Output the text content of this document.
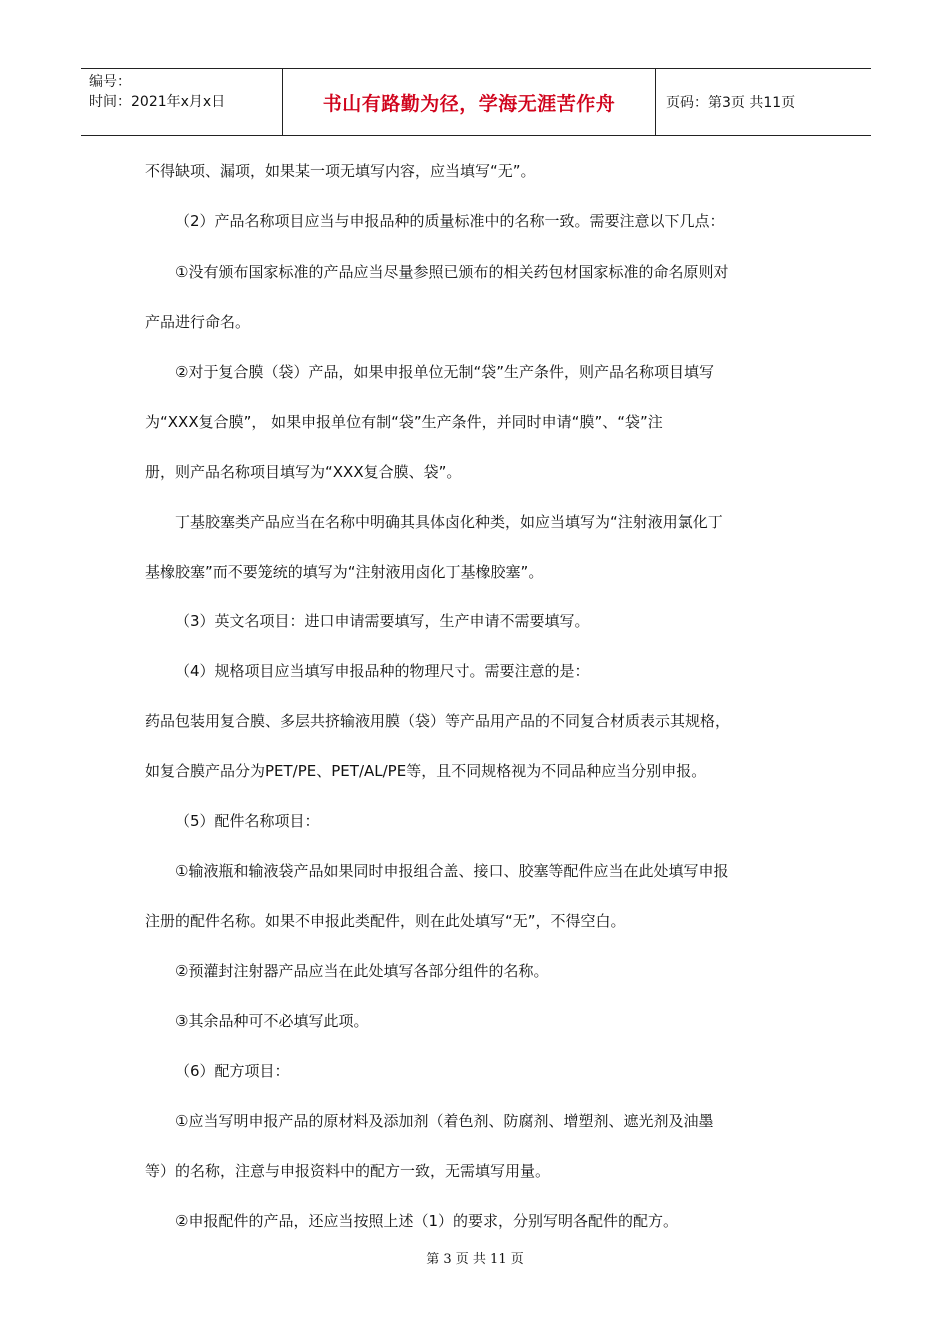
编号：
时间：2021年x月x日	书山有路勤为径，学海无涯苦作舟	页码：第3页 共11页
不得缺项、漏项，如果某一项无填写内容，应当填写“无”。
（2）产品名称项目应当与申报品种的质量标准中的名称一致。需要注意以下几点：
①没有颁布国家标准的产品应当尽量参照已颁布的相关药包材国家标准的命名原则对
产品进行命名。
②对于复合膜（袋）产品，如果申报单位无制“袋”生产条件，则产品名称项目填写
为“XXX复合膜”， 如果申报单位有制“袋”生产条件，并同时申请“膜”、“袋”注
册，则产品名称项目填写为“XXX复合膜、袋”。
丁基胶塞类产品应当在名称中明确其具体卤化种类，如应当填写为“注射液用氯化丁
基橡胶塞”而不要笼统的填写为“注射液用卤化丁基橡胶塞”。
（3）英文名项目：进口申请需要填写，生产申请不需要填写。
（4）规格项目应当填写申报品种的物理尺寸。需要注意的是：
药品包装用复合膜、多层共挤输液用膜（袋）等产品用产品的不同复合材质表示其规格，
如复合膜产品分为PET/PE、PET/AL/PE等，且不同规格视为不同品种应当分别申报。
（5）配件名称项目：
①输液瓶和输液袋产品如果同时申报组合盖、接口、胶塞等配件应当在此处填写申报
注册的配件名称。如果不申报此类配件，则在此处填写“无”，不得空白。
②预灌封注射器产品应当在此处填写各部分组件的名称。
③其余品种可不必填写此项。
（6）配方项目：
①应当写明申报产品的原材料及添加剂（着色剂、防腐剂、增塑剂、遮光剂及油墨
等）的名称，注意与申报资料中的配方一致，无需填写用量。
②申报配件的产品，还应当按照上述（1）的要求，分别写明各配件的配方。
第 3 页 共 11 页
